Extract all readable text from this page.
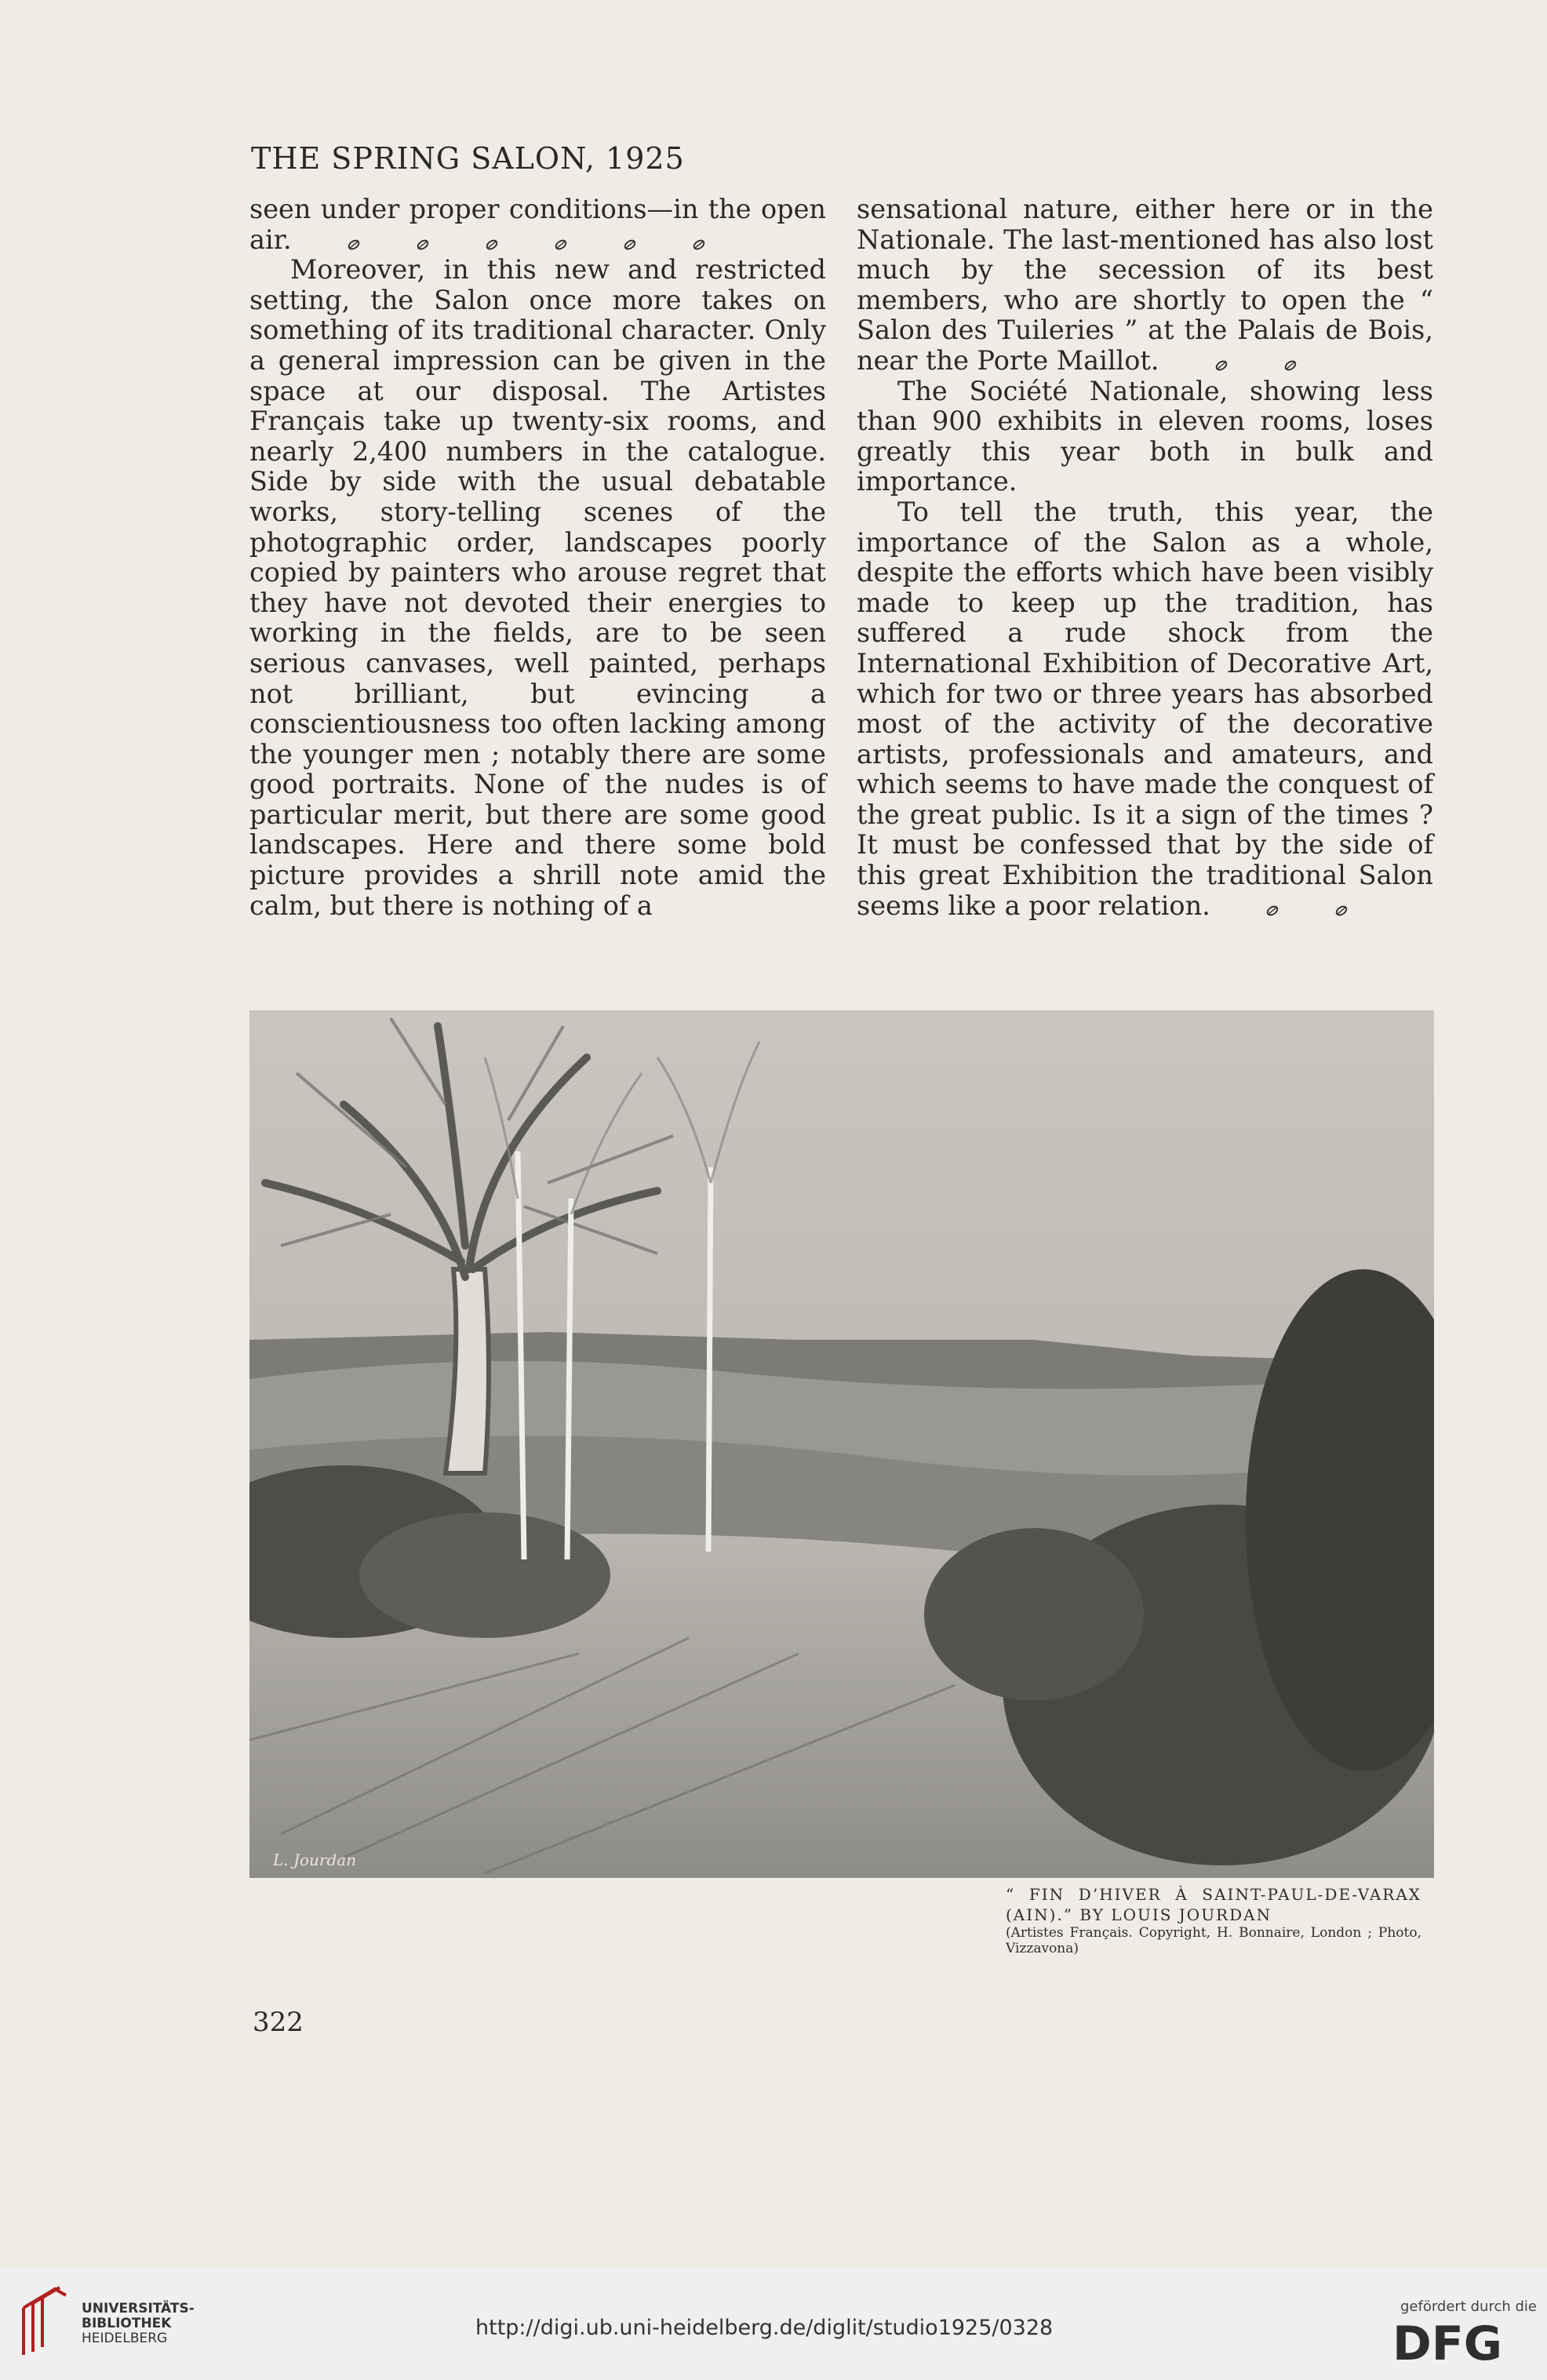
THE SPRING SALON, 1925

seen under proper conditions—in the open air.

Moreover, in this new and restricted setting, the Salon once more takes on something of its traditional character. Only a general impression can be given in the space at our disposal. The Artistes Français take up twenty-six rooms, and nearly 2,400 numbers in the catalogue. Side by side with the usual debatable works, story-telling scenes of the photographic order, landscapes poorly copied by painters who arouse regret that they have not devoted their energies to working in the fields, are to be seen serious canvases, well painted, perhaps not brilliant, but evincing a conscientiousness too often lacking among the younger men ; notably there are some good portraits. None of the nudes is of particular merit, but there are some good landscapes. Here and there some bold picture provides a shrill note amid the calm, but there is nothing of a

sensational nature, either here or in the Nationale. The last-mentioned has also lost much by the secession of its best members, who are shortly to open the “ Salon des Tuileries ” at the Palais de Bois, near the Porte Maillot.

The Société Nationale, showing less than 900 exhibits in eleven rooms, loses greatly this year both in bulk and importance.

To tell the truth, this year, the importance of the Salon as a whole, despite the efforts which have been visibly made to keep up the tradition, has suffered a rude shock from the International Exhibition of Decorative Art, which for two or three years has absorbed most of the activity of the decorative artists, professionals and amateurs, and which seems to have made the conquest of the great public. Is it a sign of the times ? It must be confessed that by the side of this great Exhibition the traditional Salon seems like a poor relation.

L. Jourdan
“ FIN D’HIVER À SAINT-PAUL-DE-VARAX (AIN).” BY LOUIS JOURDAN
(Artistes Français. Copyright, H. Bonnaire, London ; Photo, Vizzavona)
322
UNIVERSITÄTS-
BIBLIOTHEK
HEIDELBERG	http://digi.ub.uni-heidelberg.de/diglit/studio1925/0328
gefördert durch die
DFG
